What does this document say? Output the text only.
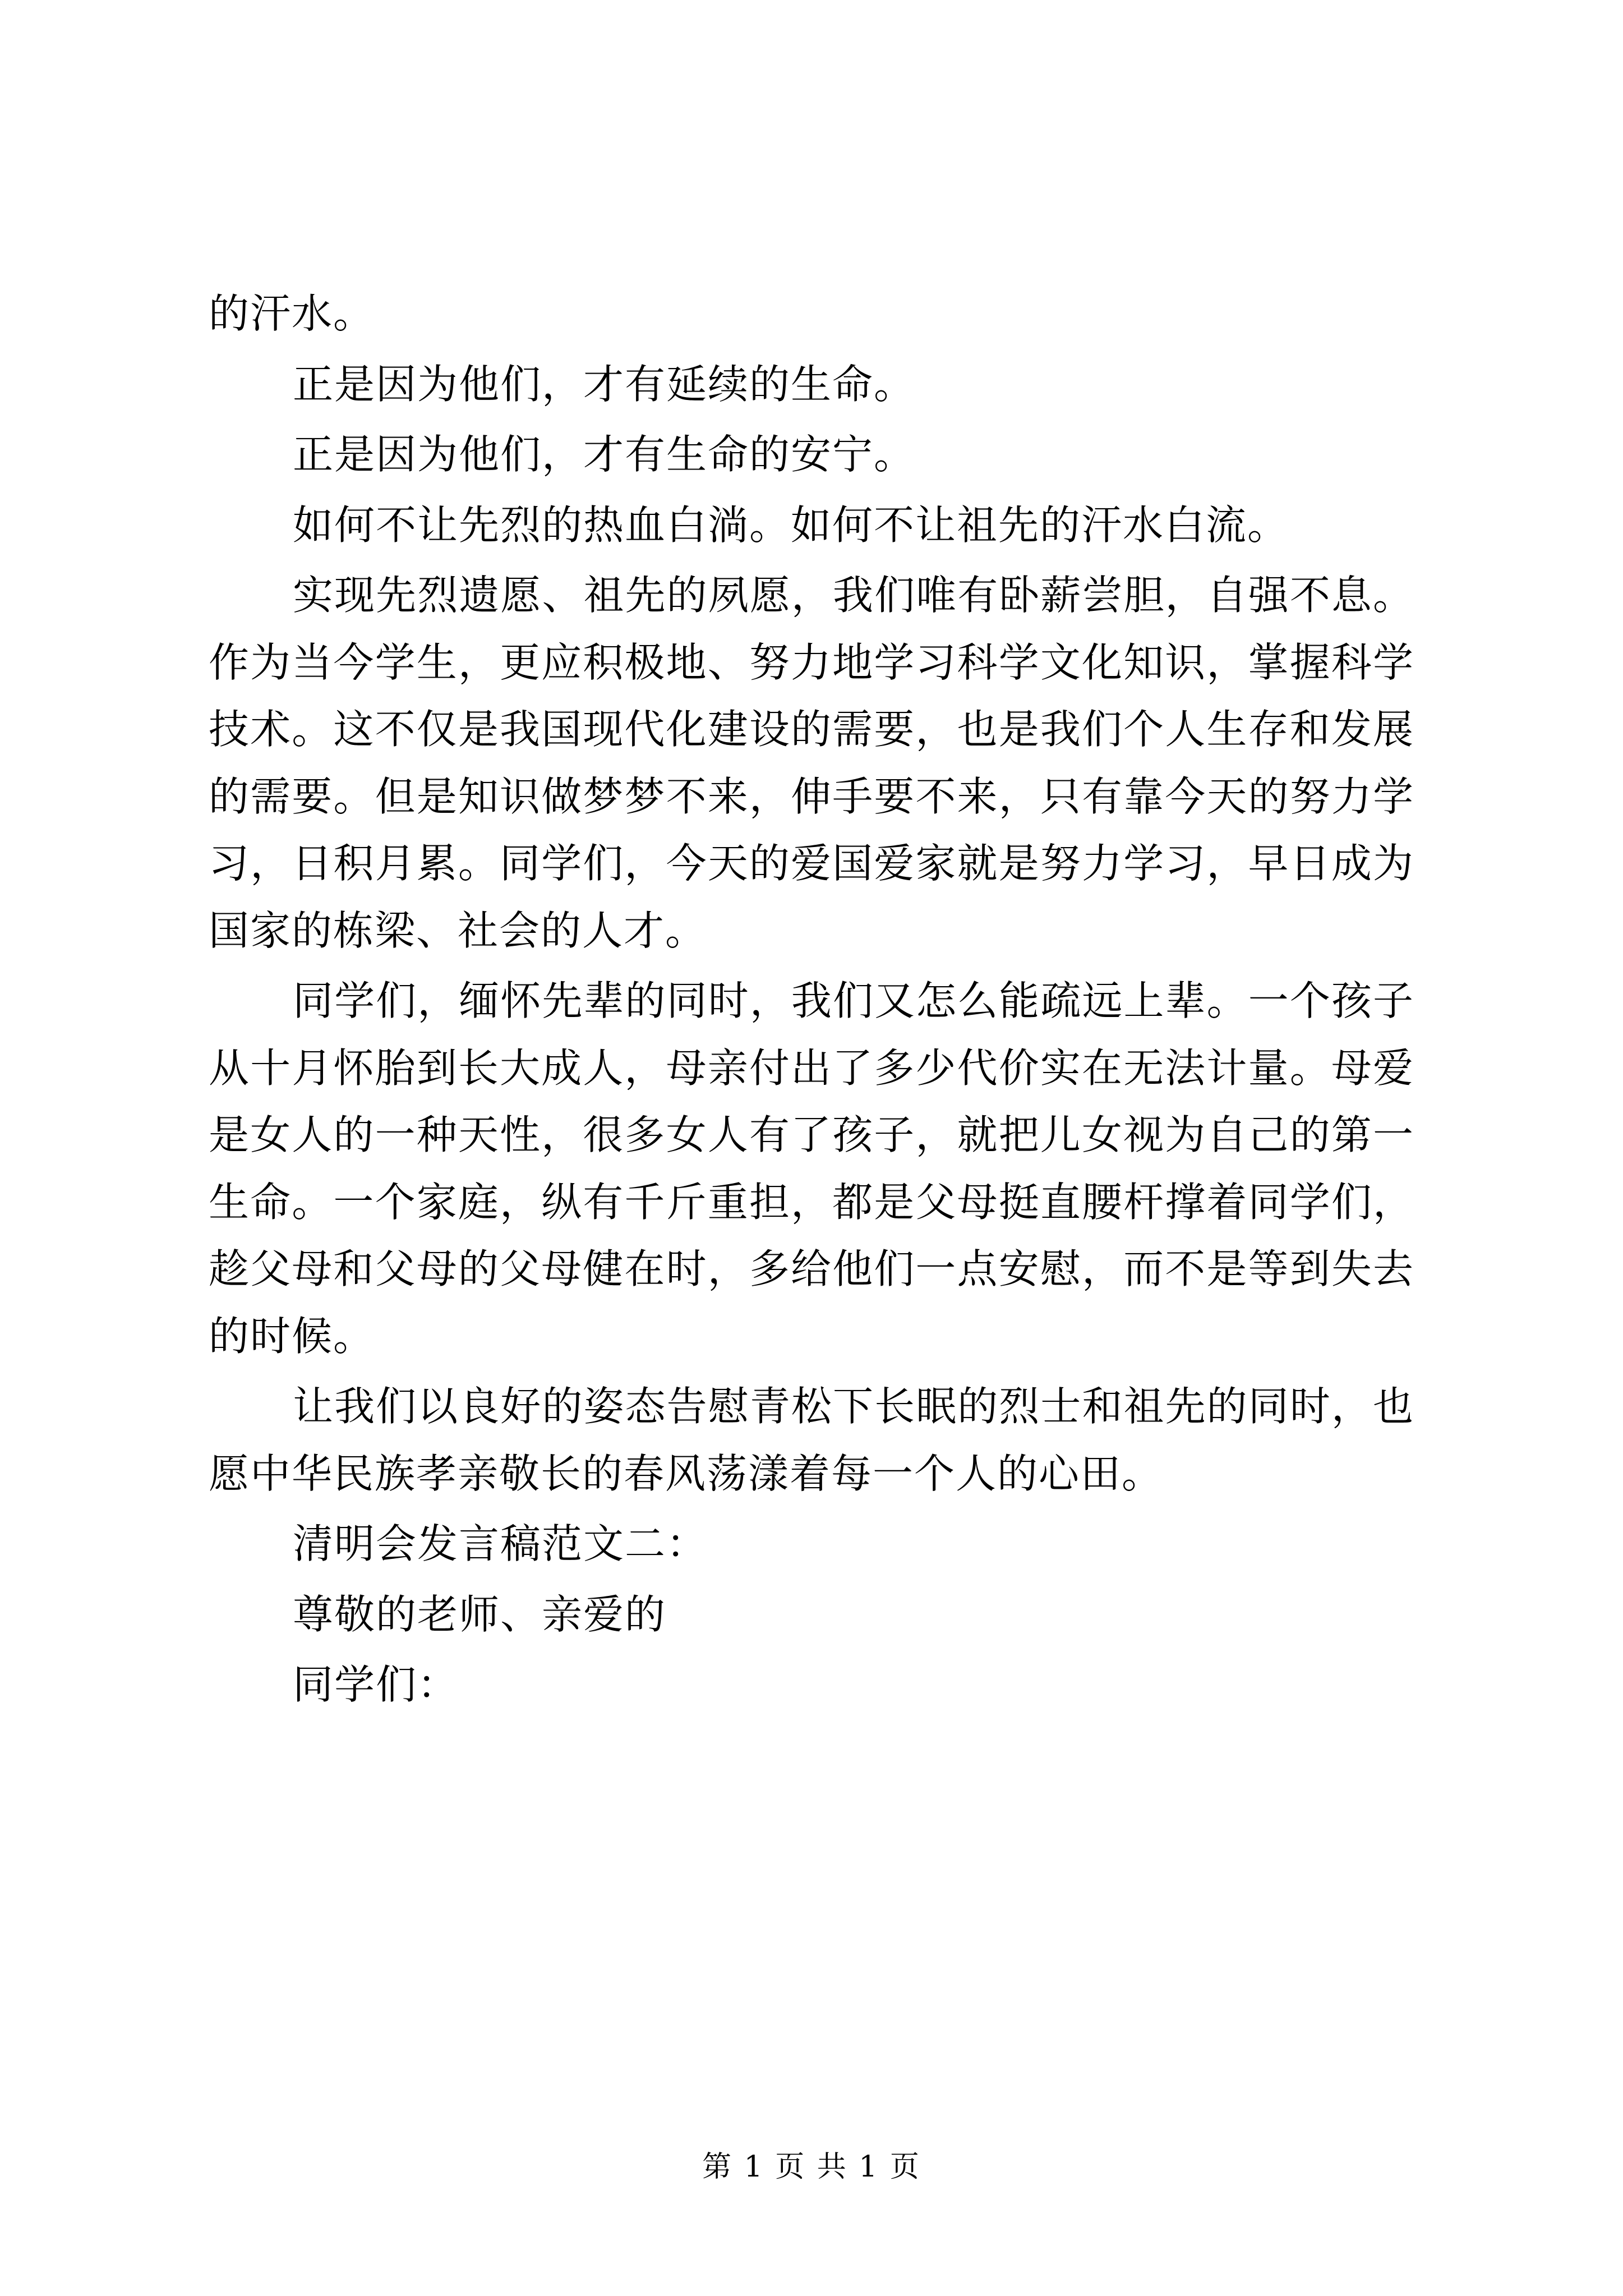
的汗水。

正是因为他们，才有延续的生命。

正是因为他们，才有生命的安宁。

如何不让先烈的热血白淌。如何不让祖先的汗水白流。

实现先烈遗愿、祖先的夙愿，我们唯有卧薪尝胆，自强不息。作为当今学生，更应积极地、努力地学习科学文化知识，掌握科学技术。这不仅是我国现代化建设的需要，也是我们个人生存和发展的需要。但是知识做梦梦不来，伸手要不来，只有靠今天的努力学习，日积月累。同学们，今天的爱国爱家就是努力学习，早日成为国家的栋梁、社会的人才。

同学们，缅怀先辈的同时，我们又怎么能疏远上辈。一个孩子从十月怀胎到长大成人，母亲付出了多少代价实在无法计量。母爱是女人的一种天性，很多女人有了孩子，就把儿女视为自己的第一生命。一个家庭，纵有千斤重担，都是父母挺直腰杆撑着同学们，趁父母和父母的父母健在时，多给他们一点安慰，而不是等到失去的时候。

让我们以良好的姿态告慰青松下长眠的烈士和祖先的同时，也愿中华民族孝亲敬长的春风荡漾着每一个人的心田。

清明会发言稿范文二：

尊敬的老师、亲爱的

同学们：

第 1 页 共 1 页
